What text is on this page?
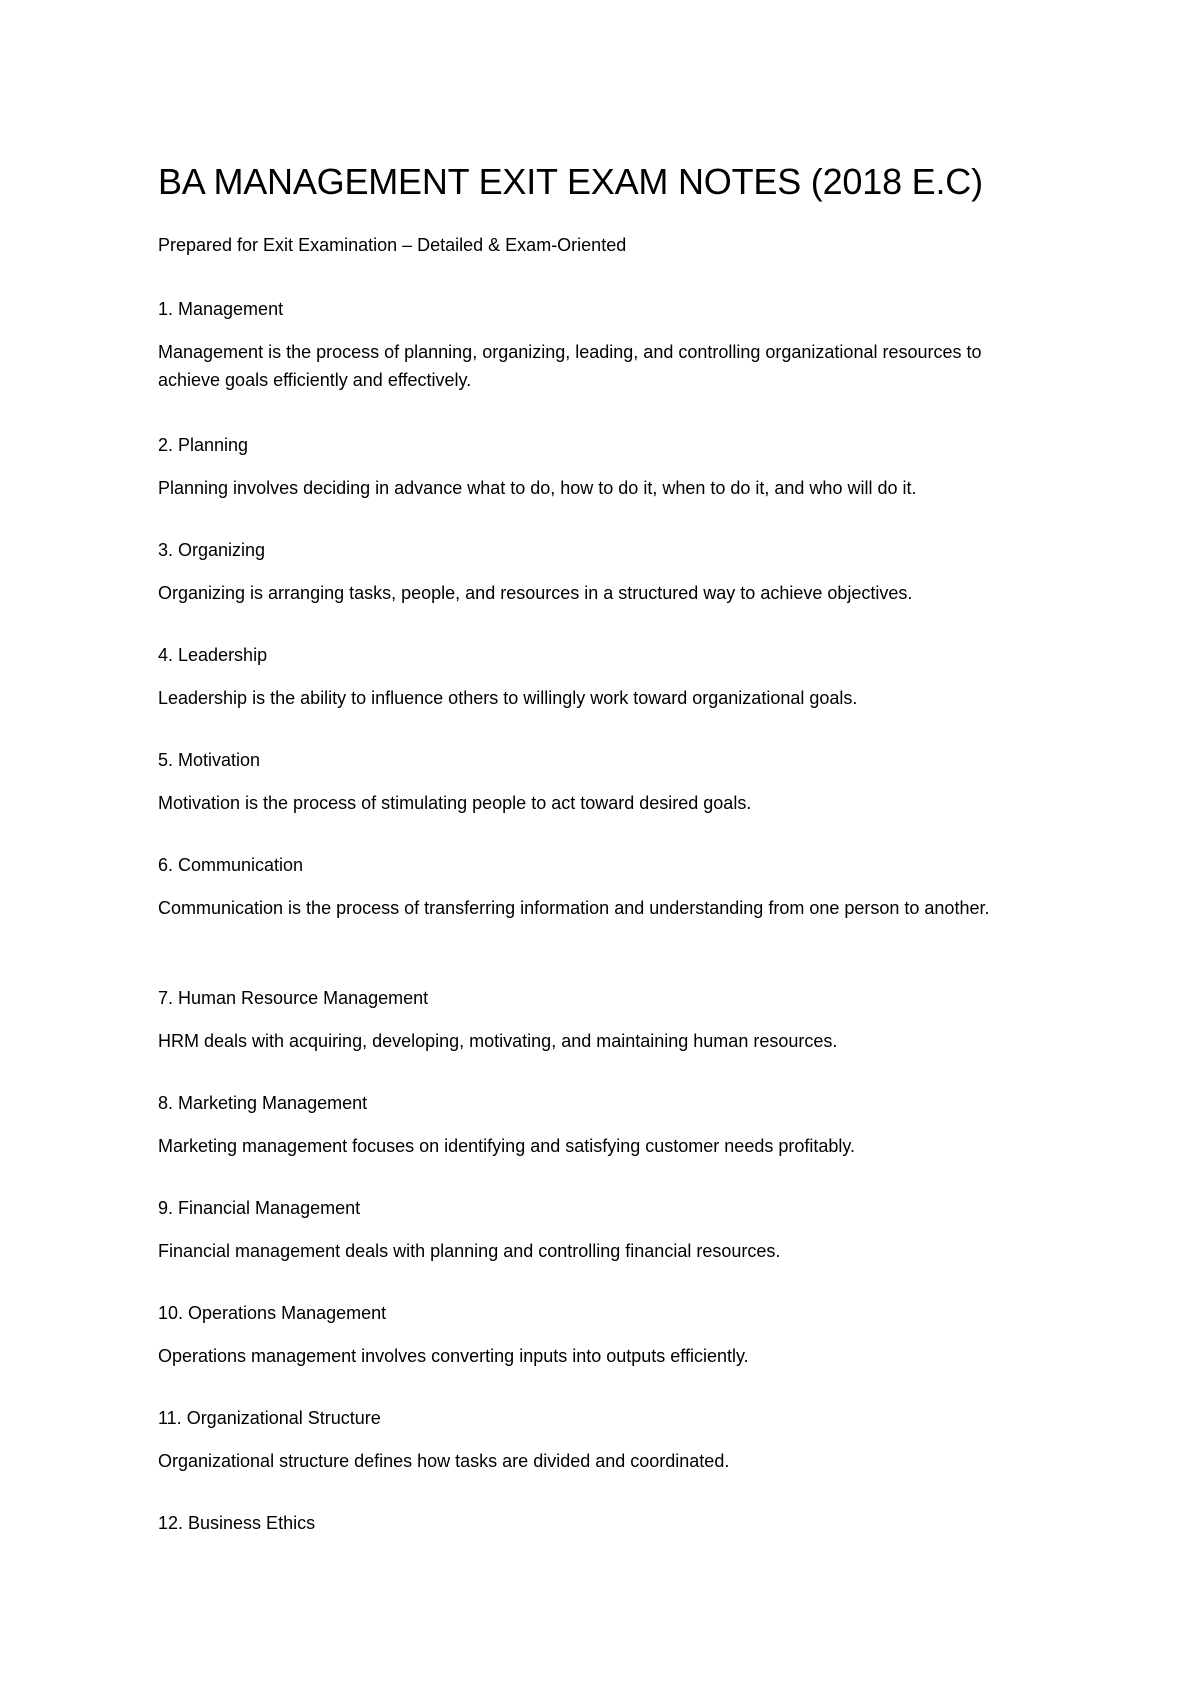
BA MANAGEMENT EXIT EXAM NOTES (2018 E.C)

Prepared for Exit Examination – Detailed & Exam-Oriented

1. Management

Management is the process of planning, organizing, leading, and controlling organizational resources to achieve goals efficiently and effectively.

2. Planning

Planning involves deciding in advance what to do, how to do it, when to do it, and who will do it.

3. Organizing

Organizing is arranging tasks, people, and resources in a structured way to achieve objectives.

4. Leadership

Leadership is the ability to influence others to willingly work toward organizational goals.

5. Motivation

Motivation is the process of stimulating people to act toward desired goals.

6. Communication

Communication is the process of transferring information and understanding from one person to another.

7. Human Resource Management

HRM deals with acquiring, developing, motivating, and maintaining human resources.

8. Marketing Management

Marketing management focuses on identifying and satisfying customer needs profitably.

9. Financial Management

Financial management deals with planning and controlling financial resources.

10. Operations Management

Operations management involves converting inputs into outputs efficiently.

11. Organizational Structure

Organizational structure defines how tasks are divided and coordinated.

12. Business Ethics
